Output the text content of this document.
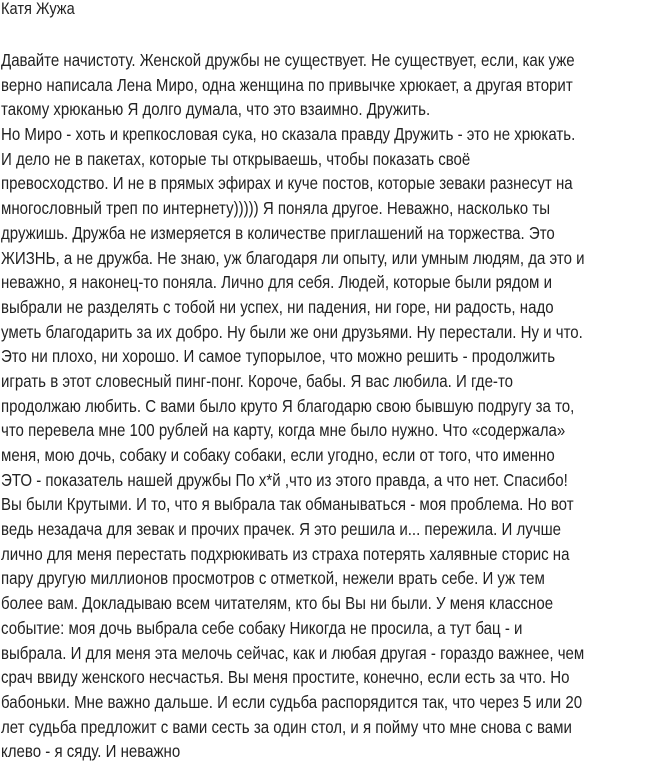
Катя Жужа
Давайте начистоту. Женской дружбы не существует. Не существует, если, как уже
верно написала Лена Миро, одна женщина по привычке хрюкает, а другая вторит
такому хрюканью Я долго думала, что это взаимно. Дружить.
Но Миро - хоть и крепкословая сука, но сказала правду Дружить - это не хрюкать.
И дело не в пакетах, которые ты открываешь, чтобы показать своё
превосходство. И не в прямых эфирах и куче постов, которые зеваки разнесут на
многословный треп по интернету))))) Я поняла другое. Неважно, насколько ты
дружишь. Дружба не измеряется в количестве приглашений на торжества. Это
ЖИЗНЬ, а не дружба. Не знаю, уж благодаря ли опыту, или умным людям, да это и
неважно, я наконец-то поняла. Лично для себя. Людей, которые были рядом и
выбрали не разделять с тобой ни успех, ни падения, ни горе, ни радость, надо
уметь благодарить за их добро. Ну были же они друзьями. Ну перестали. Ну и что.
Это ни плохо, ни хорошо. И самое тупорылое, что можно решить - продолжить
играть в этот словесный пинг-понг. Короче, бабы. Я вас любила. И где-то
продолжаю любить. С вами было круто Я благодарю свою бывшую подругу за то,
что перевела мне 100 рублей на карту, когда мне было нужно. Что «содержала»
меня, мою дочь, собаку и собаку собаки, если угодно, если от того, что именно
ЭТО - показатель нашей дружбы По х*й ,что из этого правда, а что нет. Спасибо!
Вы были Крутыми. И то, что я выбрала так обманываться - моя проблема. Но вот
ведь незадача для зевак и прочих прачек. Я это решила и... пережила. И лучше
лично для меня перестать подхрюкивать из страха потерять халявные сторис на
пару другую миллионов просмотров с отметкой, нежели врать себе. И уж тем
более вам. Докладываю всем читателям, кто бы Вы ни были. У меня классное
событие: моя дочь выбрала себе собаку Никогда не просила, а тут бац - и
выбрала. И для меня эта мелочь сейчас, как и любая другая - гораздо важнее, чем
срач ввиду женского несчастья. Вы меня простите, конечно, если есть за что. Но
бабоньки. Мне важно дальше. И если судьба распорядится так, что через 5 или 20
лет судьба предложит с вами сесть за один стол, и я пойму что мне снова с вами
клево - я сяду. И неважно
